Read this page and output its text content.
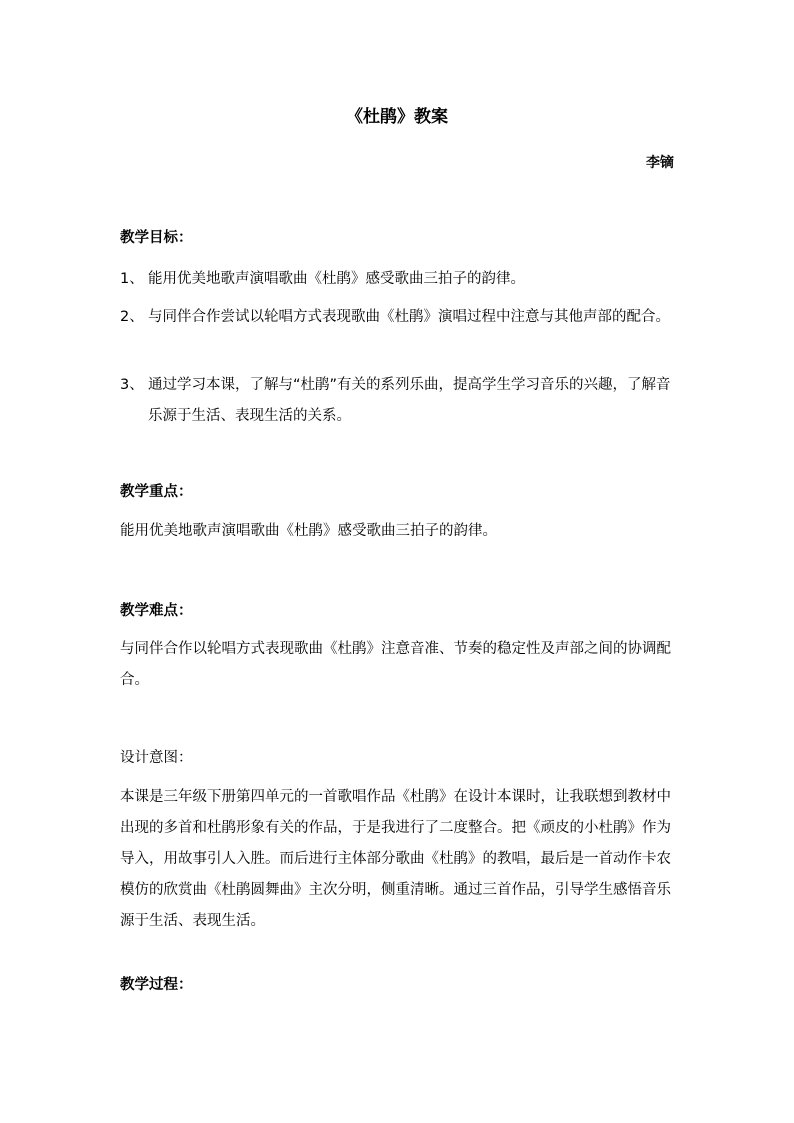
《杜鹃》教案
李镝
教学目标：
1、 能用优美地歌声演唱歌曲《杜鹃》感受歌曲三拍子的韵律。
2、 与同伴合作尝试以轮唱方式表现歌曲《杜鹃》演唱过程中注意与其他声部的配合。
3、 通过学习本课，了解与“杜鹃”有关的系列乐曲，提高学生学习音乐的兴趣，了解音乐源于生活、表现生活的关系。
教学重点：
能用优美地歌声演唱歌曲《杜鹃》感受歌曲三拍子的韵律。
教学难点：
与同伴合作以轮唱方式表现歌曲《杜鹃》注意音准、节奏的稳定性及声部之间的协调配合。
设计意图：
本课是三年级下册第四单元的一首歌唱作品《杜鹃》在设计本课时，让我联想到教材中出现的多首和杜鹃形象有关的作品，于是我进行了二度整合。把《顽皮的小杜鹃》作为导入，用故事引人入胜。而后进行主体部分歌曲《杜鹃》的教唱，最后是一首动作卡农模仿的欣赏曲《杜鹃圆舞曲》主次分明，侧重清晰。通过三首作品，引导学生感悟音乐源于生活、表现生活。
教学过程：
